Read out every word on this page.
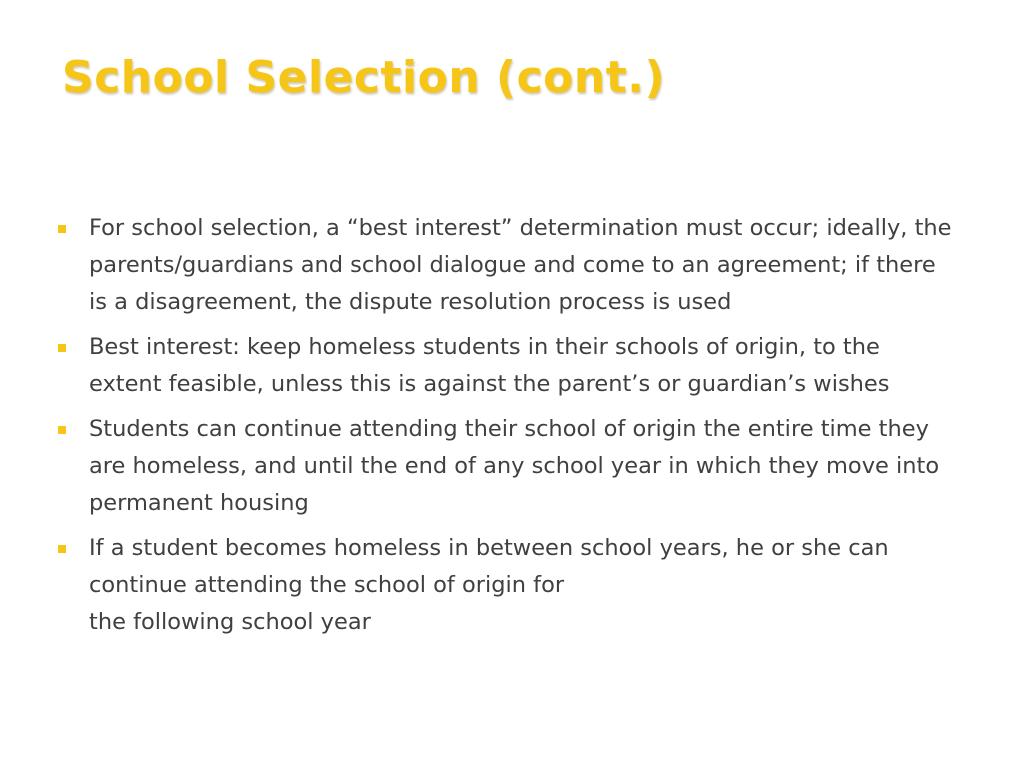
School Selection (cont.)
For school selection, a “best interest” determination must occur; ideally, the parents/guardians and school dialogue and come to an agreement; if there is a disagreement, the dispute resolution process is used
Best interest: keep homeless students in their schools of origin, to the extent feasible, unless this is against the parent’s or guardian’s wishes
Students can continue attending their school of origin the entire time they are homeless, and until the end of any school year in which they move into permanent housing
If a student becomes homeless in between school years, he or she can continue attending the school of origin for
the following school year
